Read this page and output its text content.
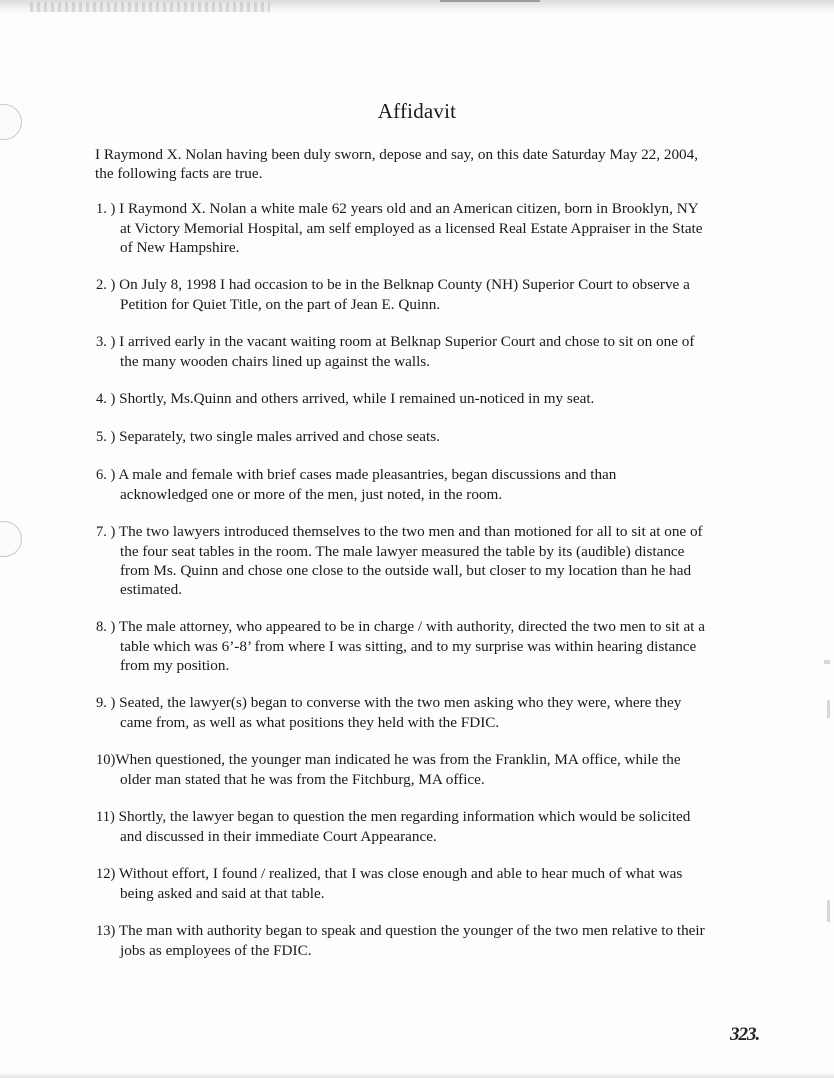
Affidavit

I Raymond X. Nolan having been duly sworn, depose and say, on this date Saturday May 22, 2004, the following facts are true.

1. ) I Raymond X. Nolan a white male 62 years old and an American citizen, born in Brooklyn, NY at Victory Memorial Hospital, am self employed as a licensed Real Estate Appraiser in the State of New Hampshire.
2. ) On July 8, 1998 I had occasion to be in the Belknap County (NH) Superior Court to observe a Petition for Quiet Title, on the part of Jean E. Quinn.
3. ) I arrived early in the vacant waiting room at Belknap Superior Court and chose to sit on one of the many wooden chairs lined up against the walls.
4. ) Shortly, Ms.Quinn and others arrived, while I remained un-noticed in my seat.
5. ) Separately, two single males arrived and chose seats.
6. ) A male and female with brief cases made pleasantries, began discussions and than acknowledged one or more of the men, just noted, in the room.
7. ) The two lawyers introduced themselves to the two men and than motioned for all to sit at one of the four seat tables in the room. The male lawyer measured the table by its (audible) distance from Ms. Quinn and chose one close to the outside wall, but closer to my location than he had estimated.
8. ) The male attorney, who appeared to be in charge / with authority, directed the two men to sit at a table which was 6’-8’ from where I was sitting, and to my surprise was within hearing distance from my position.
9. ) Seated, the lawyer(s) began to converse with the two men asking who they were, where they came from, as well as what positions they held with the FDIC.
10)When questioned, the younger man indicated he was from the Franklin, MA office, while the older man stated that he was from the Fitchburg, MA office.
11) Shortly, the lawyer began to question the men regarding information which would be solicited and discussed in their immediate Court Appearance.
12) Without effort, I found / realized, that I was close enough and able to hear much of what was being asked and said at that table.
13) The man with authority began to speak and question the younger of the two men relative to their jobs as employees of the FDIC.
323.
